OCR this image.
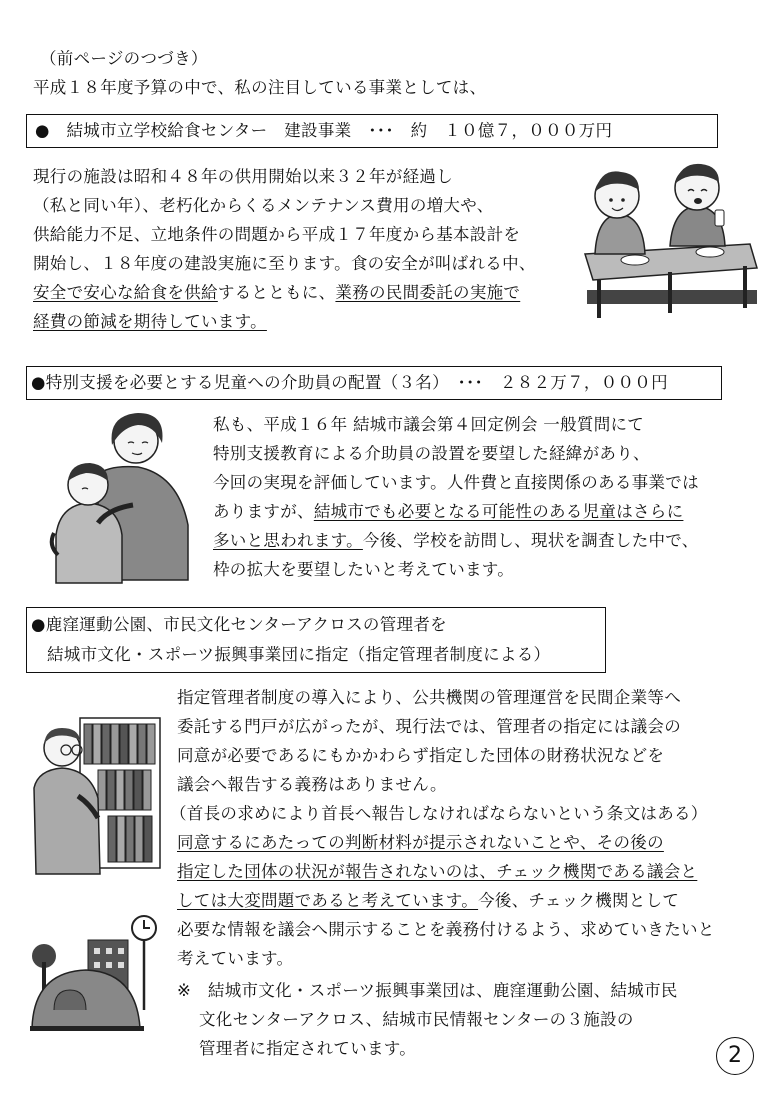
（前ページのつづき）
平成１８年度予算の中で、私の注目している事業としては、
●　結城市立学校給食センター　建設事業　･･･　約　１０億７，０００万円
現行の施設は昭和４８年の供用開始以来３２年が経過し
（私と同い年）、老朽化からくるメンテナンス費用の増大や、
供給能力不足、立地条件の問題から平成１７年度から基本設計を
開始し、１８年度の建設実施に至ります。食の安全が叫ばれる中、
安全で安心な給食を供給するとともに、業務の民間委託の実施で
経費の節減を期待しています。
●特別支援を必要とする児童への介助員の配置（３名）　･･･　２８２万７，０００円
私も、平成１６年 結城市議会第４回定例会 一般質問にて
特別支援教育による介助員の設置を要望した経緯があり、
今回の実現を評価しています。人件費と直接関係のある事業では
ありますが、結城市でも必要となる可能性のある児童はさらに
多いと思われます。今後、学校を訪問し、現状を調査した中で、
枠の拡大を要望したいと考えています。
●鹿窪運動公園、市民文化センターアクロスの管理者を
結城市文化・スポーツ振興事業団に指定（指定管理者制度による）
指定管理者制度の導入により、公共機関の管理運営を民間企業等へ
委託する門戸が広がったが、現行法では、管理者の指定には議会の
同意が必要であるにもかかわらず指定した団体の財務状況などを
議会へ報告する義務はありません。
（首長の求めにより首長へ報告しなければならないという条文はある）
同意するにあたっての判断材料が提示されないことや、その後の
指定した団体の状況が報告されないのは、チェック機関である議会と
しては大変問題であると考えています。今後、チェック機関として
必要な情報を議会へ開示することを義務付けるよう、求めていきたいと
考えています。
※　結城市文化・スポーツ振興事業団は、鹿窪運動公園、結城市民
文化センターアクロス、結城市民情報センターの３施設の
管理者に指定されています。	2
